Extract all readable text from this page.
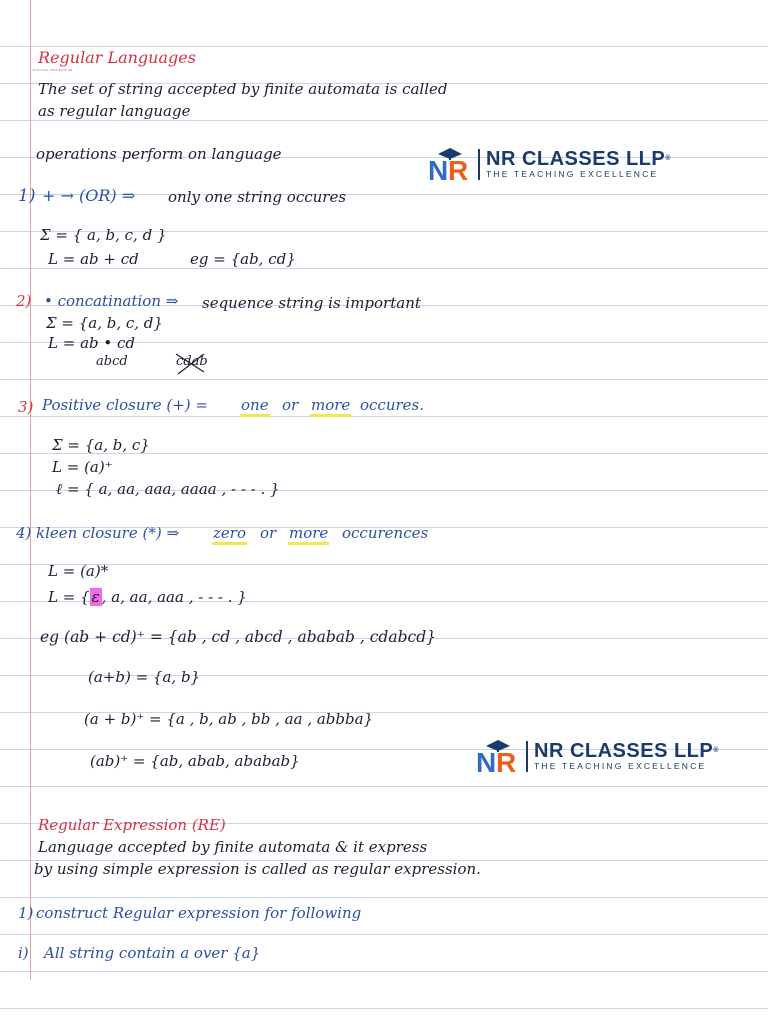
Regular Languages
29 October 2022 09:58 PM
The set of string accepted by finite automata is called
as regular language
operations perform on language
N R NR CLASSES LLP®
THE TEACHING EXCELLENCE
1) + → (OR) ⇒ only one string occures
Σ = { a, b, c, d }
L = ab + cd	eg = {ab, cd}
2) • concatination ⇒ sequence string is important
Σ = {a, b, c, d}
L = ab • cd
abcd	cdab
3) Positive closure (+) = one or more occures.
Σ = {a, b, c}
L = (a)⁺
ℓ = { a, aa, aaa, aaaa , - - - . }
4) kleen closure (*) ⇒ zero or more occurences
L = (a)*
L = { ε , a, aa, aaa , - - - . }
eg (ab + cd)⁺ = {ab , cd , abcd , ababab , cdabcd}
(a+b) = {a, b}
(a + b)⁺ = {a , b, ab , bb , aa , abbba}
(ab)⁺ = {ab, abab, ababab}	N R NR CLASSES LLP®
THE TEACHING EXCELLENCE
Regular Expression (RE)
Language accepted by finite automata & it express
by using simple expression is called as regular expression.
1) construct Regular expression for following
i) All string contain a over {a}
